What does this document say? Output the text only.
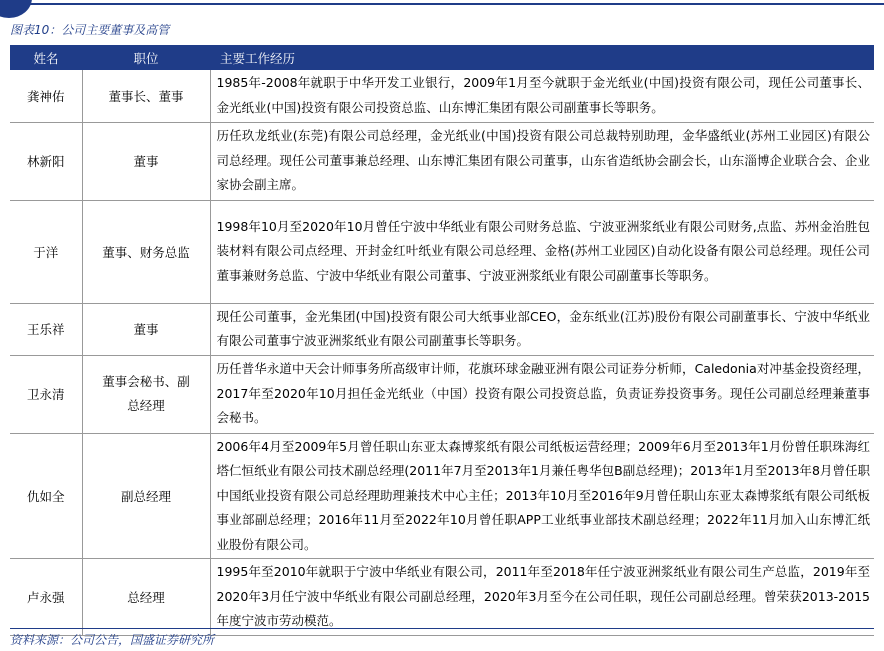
图表10：公司主要董事及高管
姓名	职位	主要工作经历
龚神佑	董事长、董事	1985年-2008年就职于中华开发工业银行，2009年1月至今就职于金光纸业(中国)投资有限公司，现任公司董事长、金光纸业(中国)投资有限公司投资总监、山东博汇集团有限公司副董事长等职务。
林新阳	董事	历任玖龙纸业(东莞)有限公司总经理，金光纸业(中国)投资有限公司总裁特别助理，金华盛纸业(苏州工业园区)有限公司总经理。现任公司董事兼总经理、山东博汇集团有限公司董事，山东省造纸协会副会长，山东淄博企业联合会、企业家协会副主席。
于洋	董事、财务总监	1998年10月至2020年10月曾任宁波中华纸业有限公司财务总监、宁波亚洲浆纸业有限公司财务,点监、苏州金治胜包装材料有限公司点经理、开封金红叶纸业有限公司总经理、金格(苏州工业园区)自动化设备有限公司总经理。现任公司董事兼财务总监、宁波中华纸业有限公司董事、宁波亚洲浆纸业有限公司副董事长等职务。
王乐祥	董事	现任公司董事，金光集团(中国)投资有限公司大纸事业部CEO，金东纸业(江苏)股份有限公司副董事长、宁波中华纸业有限公司董事宁波亚洲浆纸业有限公司副董事长等职务。
卫永清	董事会秘书、副总经理	历任普华永道中天会计师事务所高级审计师，花旗环球金融亚洲有限公司证券分析师，Caledonia对冲基金投资经理，2017年至2020年10月担任金光纸业（中国）投资有限公司投资总监，负责证券投资事务。现任公司副总经理兼董事会秘书。
仇如全	副总经理	2006年4月至2009年5月曾任职山东亚太森博浆纸有限公司纸板运营经理；2009年6月至2013年1月份曾任职珠海红塔仁恒纸业有限公司技术副总经理(2011年7月至2013年1月兼任粤华包B副总经理)；2013年1月至2013年8月曾任职中国纸业投资有限公司总经理助理兼技术中心主任；2013年10月至2016年9月曾任职山东亚太森博浆纸有限公司纸板事业部副总经理；2016年11月至2022年10月曾任职APP工业纸事业部技术副总经理；2022年11月加入山东博汇纸业股份有限公司。
卢永强	总经理	1995年至2010年就职于宁波中华纸业有限公司，2011年至2018年任宁波亚洲浆纸业有限公司生产总监，2019年至2020年3月任宁波中华纸业有限公司副总经理，2020年3月至今在公司任职，现任公司副总经理。曾荣获2013-2015年度宁波市劳动模范。
资料来源：公司公告，国盛证券研究所
